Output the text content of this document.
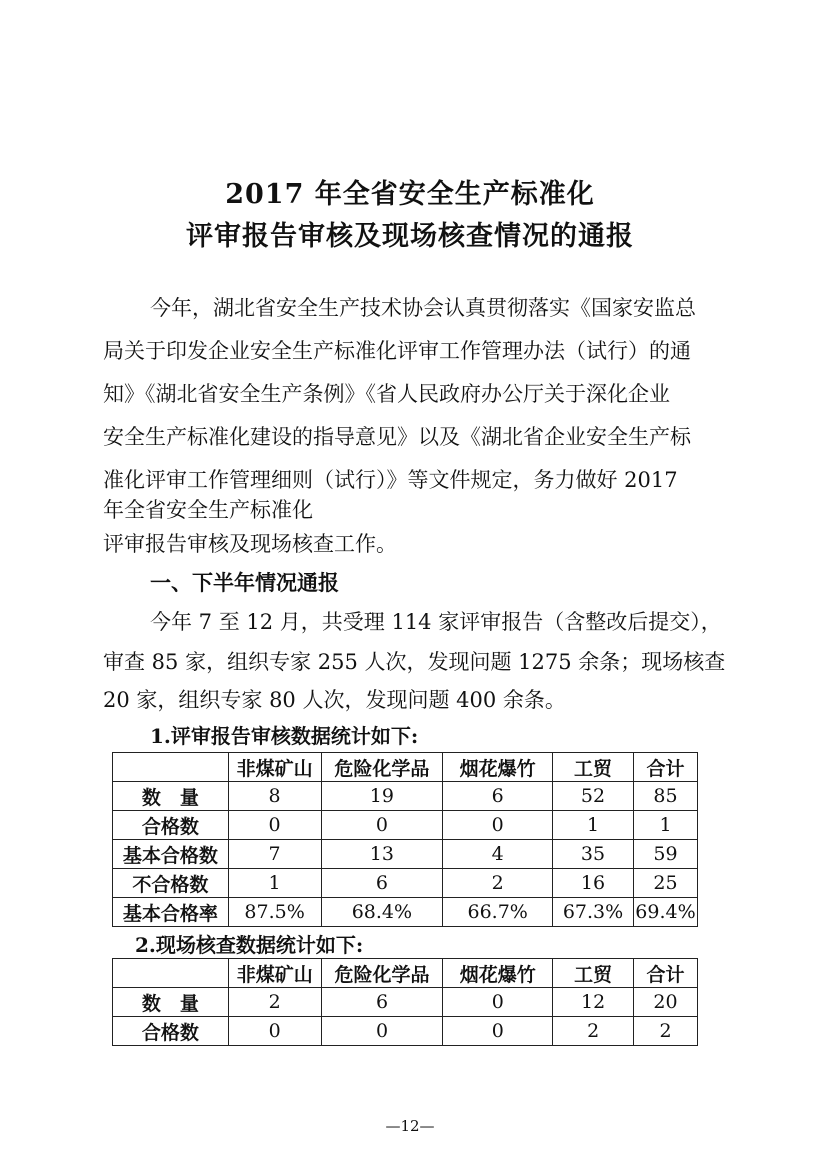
2017 年全省安全生产标准化
评审报告审核及现场核查情况的通报
今年，湖北省安全生产技术协会认真贯彻落实《国家安监总
局关于印发企业安全生产标准化评审工作管理办法（试行）的通
知》《湖北省安全生产条例》《省人民政府办公厅关于深化企业
安全生产标准化建设的指导意见》以及《湖北省企业安全生产标
准化评审工作管理细则（试行）》等文件规定，务力做好 2017
年全省安全生产标准化
评审报告审核及现场核查工作。
一、下半年情况通报
今年 7 至 12 月，共受理 114 家评审报告（含整改后提交），
审查 85 家，组织专家 255 人次，发现问题 1275 余条；现场核查
20 家，组织专家 80 人次，发现问题 400 余条。
1.评审报告审核数据统计如下:
	非煤矿山	危险化学品	烟花爆竹	工贸	合计
数　量	8	19	6	52	85
合格数	0	0	0	1	1
基本合格数	7	13	4	35	59
不合格数	1	6	2	16	25
基本合格率	87.5%	68.4%	66.7%	67.3%	69.4%
2.现场核查数据统计如下:
	非煤矿山	危险化学品	烟花爆竹	工贸	合计
数　量	2	6	0	12	20
合格数	0	0	0	2	2
—12—
